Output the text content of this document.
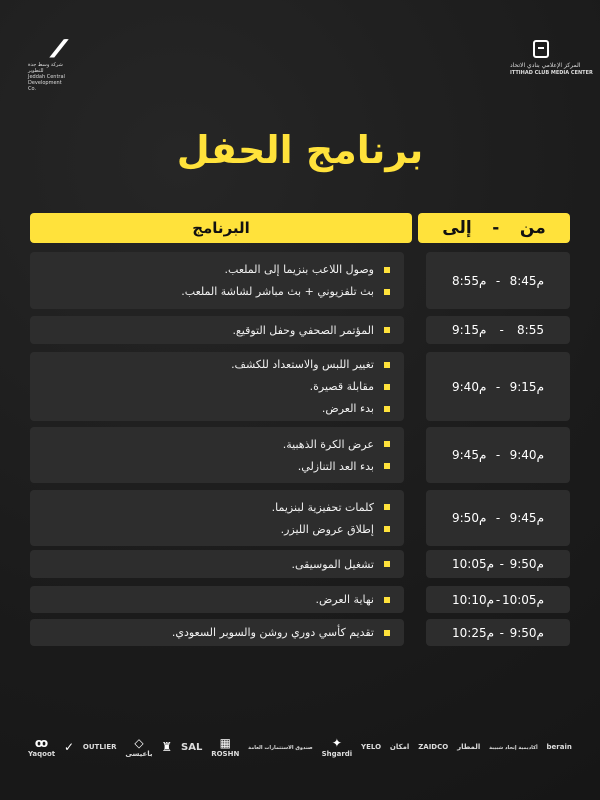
⁄⁄⁄
شركة وسط جدة للتطوير
Jeddah Central Development Co.
المركز الإعلامي بنادي الاتحاد
ITTIHAD CLUB MEDIA CENTER
برنامج الحفل
من
-
إلى
البرنامج
8:55م - 8:45م
وصول اللاعب بنزيما إلى الملعب.
بث تلفزيوني + بث مباشر لشاشة الملعب.
9:15م - 8:55
المؤتمر الصحفي وحفل التوقيع.
9:40م - 9:15م
تغيير اللبس والاستعداد للكشف.
مقابلة قصيرة.
بدء العرض.
9:45م - 9:40م
عرض الكرة الذهبية.
بدء العد التنازلي.
9:50م - 9:45م
كلمات تحفيزية لبنزيما.
إطلاق عروض الليزر.
10:05م - 9:50م
تشغيل الموسيقى.
10:10م - 10:05م
نهاية العرض.
10:25م - 9:50م
تقديم كأسي دوري روشن والسوبر السعودي.
ꝏ
Yaqoot ✓ OUTLIER	◇
باعيسى ♜ SAL	▦
ROSHN
صندوق الاستثمارات العامة	✦
Shgardi
YELO امكان ZAIDCO المطار أكاديمية إتحاد شبيبة berain
